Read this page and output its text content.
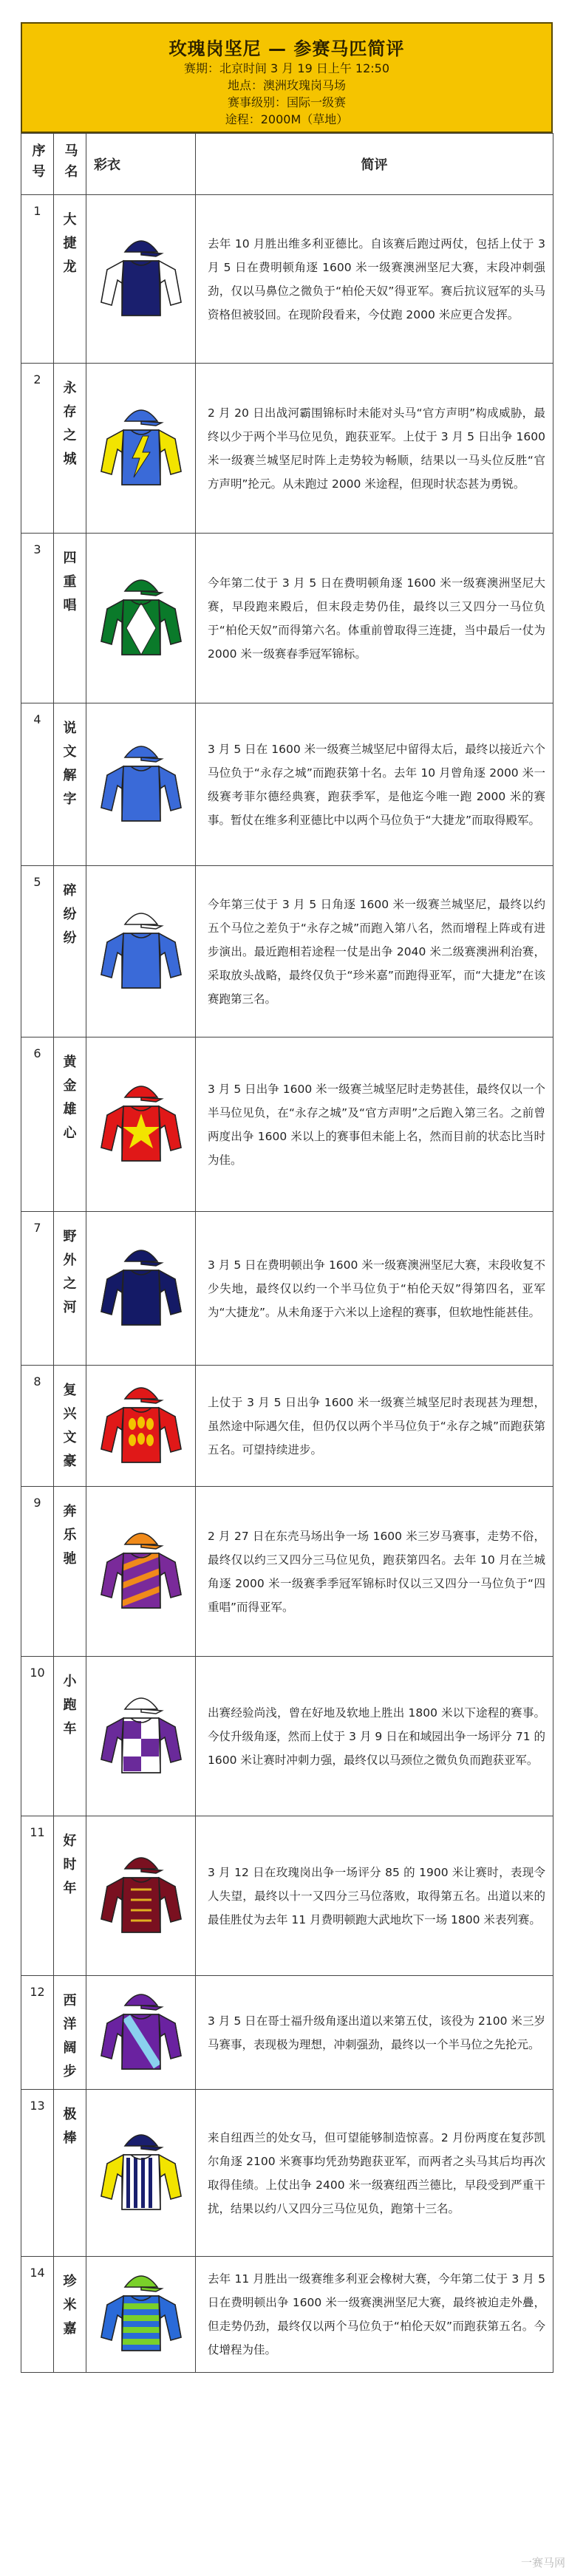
玫瑰岗坚尼 — 参赛马匹简评
赛期：北京时间 3 月 19 日上午 12:50
地点：澳洲玫瑰岗马场
赛事级别：国际一级赛
途程：2000M（草地）
序号	马名	彩衣	简评
1	大
捷
龙		去年 10 月胜出维多利亚德比。自该赛后跑过两仗，包括上仗于 3 月 5 日在费明顿角逐 1600 米一级赛澳洲坚尼大赛，末段冲刺强劲，仅以马鼻位之微负于“柏伦天奴”得亚军。赛后抗议冠军的头马资格但被驳回。在现阶段看来，今仗跑 2000 米应更合发挥。
2	永
存
之
城		2 月 20 日出战河霸围锦标时未能对头马“官方声明”构成威胁，最终以少于两个半马位见负，跑获亚军。上仗于 3 月 5 日出争 1600 米一级赛兰城坚尼时阵上走势较为畅顺，结果以一马头位反胜“官方声明”抡元。从未跑过 2000 米途程，但现时状态甚为勇锐。
3	四
重
唱		今年第二仗于 3 月 5 日在费明顿角逐 1600 米一级赛澳洲坚尼大赛，早段跑来殿后，但末段走势仍佳，最终以三又四分一马位负于“柏伦天奴”而得第六名。体重前曾取得三连捷，当中最后一仗为 2000 米一级赛春季冠军锦标。
4	说
文
解
字		3 月 5 日在 1600 米一级赛兰城坚尼中留得太后，最终以接近六个马位负于“永存之城”而跑获第十名。去年 10 月曾角逐 2000 米一级赛考菲尔德经典赛，跑获季军，是他迄今唯一跑 2000 米的赛事。暂仗在维多利亚德比中以两个马位负于“大捷龙”而取得殿军。
5	碎
纷
纷		今年第三仗于 3 月 5 日角逐 1600 米一级赛兰城坚尼，最终以约五个马位之差负于“永存之城”而跑入第八名，然而增程上阵或有进步演出。最近跑相若途程一仗是出争 2040 米二级赛澳洲利治赛，采取放头战略，最终仅负于“珍米嘉”而跑得亚军，而“大捷龙”在该赛跑第三名。
6	黄
金
雄
心		3 月 5 日出争 1600 米一级赛兰城坚尼时走势甚佳，最终仅以一个半马位见负，在“永存之城”及“官方声明”之后跑入第三名。之前曾两度出争 1600 米以上的赛事但未能上名，然而目前的状态比当时为佳。
7	野
外
之
河		3 月 5 日在费明顿出争 1600 米一级赛澳洲坚尼大赛，末段收复不少失地，最终仅以约一个半马位负于“柏伦天奴”得第四名，亚军为“大捷龙”。从未角逐于六米以上途程的赛事，但软地性能甚佳。
8	复
兴
文
豪		上仗于 3 月 5 日出争 1600 米一级赛兰城坚尼时表现甚为理想，虽然途中际遇欠佳，但仍仅以两个半马位负于“永存之城”而跑获第五名。可望持续进步。
9	奔
乐
驰		2 月 27 日在东壳马场出争一场 1600 米三岁马赛事，走势不俗，最终仅以约三又四分三马位见负，跑获第四名。去年 10 月在兰城角逐 2000 米一级赛季季冠军锦标时仅以三又四分一马位负于“四重唱”而得亚军。
10	小
跑
车		出赛经验尚浅，曾在好地及软地上胜出 1800 米以下途程的赛事。今仗升级角逐，然而上仗于 3 月 9 日在和域园出争一场评分 71 的 1600 米让赛时冲刺力强，最终仅以马颈位之微负负而跑获亚军。
11	好
时
年		3 月 12 日在玫瑰岗出争一场评分 85 的 1900 米让赛时，表现令人失望，最终以十一又四分三马位落败，取得第五名。出道以来的最佳胜仗为去年 11 月费明顿跑大武地坎下一场 1800 米表列赛。
12	西
洋
阔
步		3 月 5 日在哥士福升级角逐出道以来第五仗，该役为 2100 米三岁马赛事，表现极为理想，冲刺强劲，最终以一个半马位之先抡元。
13	极
棒		来自纽西兰的处女马，但可望能够制造惊喜。2 月份两度在复莎凯尔角逐 2100 米赛事均凭劲势跑获亚军，而两者之头马其后均再次取得佳绩。上仗出争 2400 米一级赛纽西兰德比，早段受到严重干扰，结果以约八又四分三马位见负，跑第十三名。
14	珍
米
嘉		去年 11 月胜出一级赛维多利亚会橡树大赛，今年第二仗于 3 月 5 日在费明顿出争 1600 米一级赛澳洲坚尼大赛，最终被迫走外疊，但走势仍劲，最终仅以两个马位负于“柏伦天奴”而跑获第五名。今仗增程为佳。
一赛马网
